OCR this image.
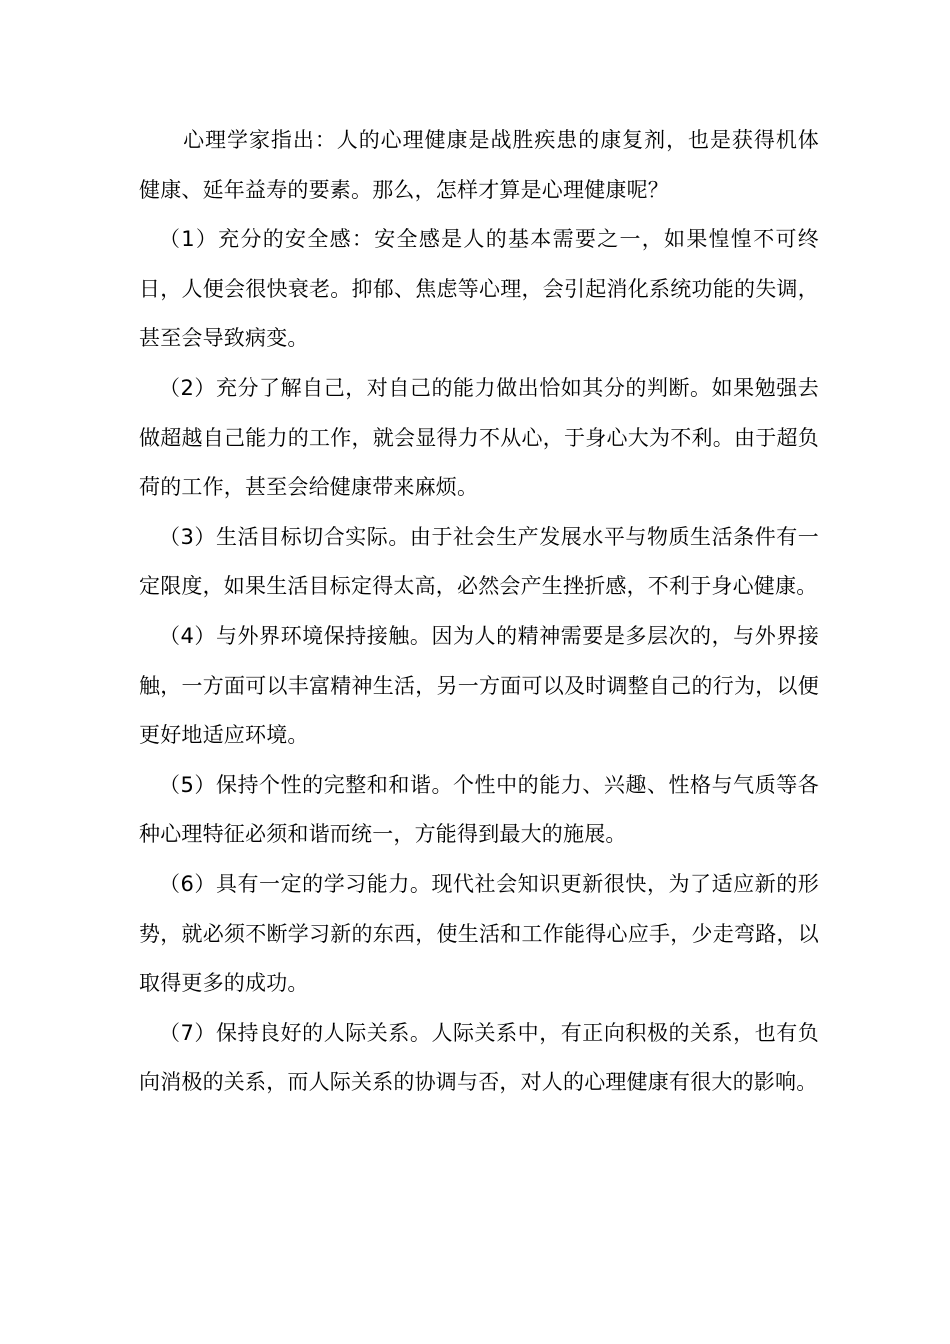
心理学家指出：人的心理健康是战胜疾患的康复剂，也是获得机体健康、延年益寿的要素。那么，怎样才算是心理健康呢？

（1）充分的安全感：安全感是人的基本需要之一，如果惶惶不可终日，人便会很快衰老。抑郁、焦虑等心理，会引起消化系统功能的失调，甚至会导致病变。

（2）充分了解自己，对自己的能力做出恰如其分的判断。如果勉强去做超越自己能力的工作，就会显得力不从心，于身心大为不利。由于超负荷的工作，甚至会给健康带来麻烦。

（3）生活目标切合实际。由于社会生产发展水平与物质生活条件有一定限度，如果生活目标定得太高，必然会产生挫折感，不利于身心健康。

（4）与外界环境保持接触。因为人的精神需要是多层次的，与外界接触，一方面可以丰富精神生活，另一方面可以及时调整自己的行为，以便更好地适应环境。

（5）保持个性的完整和和谐。个性中的能力、兴趣、性格与气质等各种心理特征必须和谐而统一，方能得到最大的施展。

（6）具有一定的学习能力。现代社会知识更新很快，为了适应新的形势，就必须不断学习新的东西，使生活和工作能得心应手，少走弯路，以取得更多的成功。

（7）保持良好的人际关系。人际关系中，有正向积极的关系，也有负向消极的关系，而人际关系的协调与否，对人的心理健康有很大的影响。
